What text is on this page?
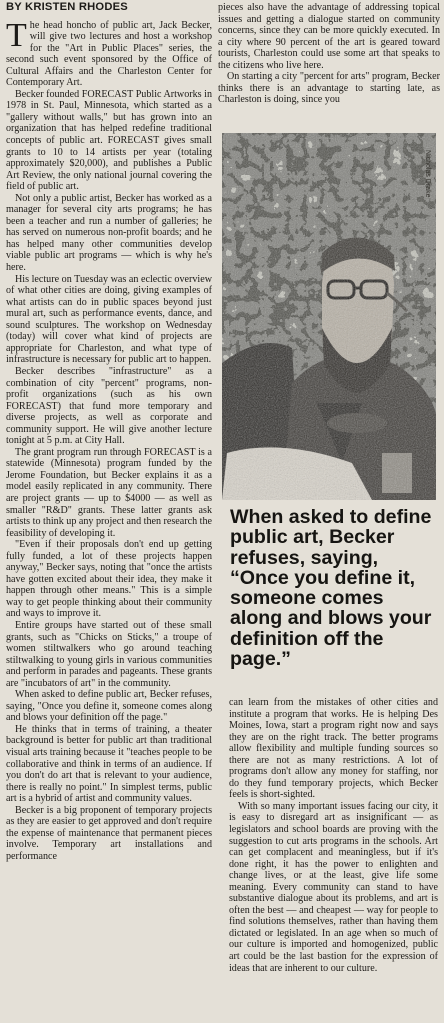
BY KRISTEN RHODES

The head honcho of public art, Jack Becker, will give two lectures and host a workshop for the "Art in Public Places" series, the second such event sponsored by the Office of Cultural Affairs and the Charleston Center for Contemporary Art.

Becker founded FORECAST Public Artworks in 1978 in St. Paul, Minnesota, which started as a "gallery without walls," but has grown into an organization that has helped redefine traditional concepts of public art. FORECAST gives small grants to 10 to 14 artists per year (totaling approximately $20,000), and publishes a Public Art Review, the only national journal covering the field of public art.

Not only a public artist, Becker has worked as a manager for several city arts programs; he has been a teacher and run a number of galleries; he has served on numerous non-profit boards; and he has helped many other communities develop viable public art programs — which is why he's here.

His lecture on Tuesday was an eclectic overview of what other cities are doing, giving examples of what artists can do in public spaces beyond just mural art, such as performance events, dance, and sound sculptures. The workshop on Wednesday (today) will cover what kind of projects are appropriate for Charleston, and what type of infrastructure is necessary for public art to happen.

Becker describes "infrastructure" as a combination of city "percent" programs, non-profit organizations (such as his own FORECAST) that fund more temporary and diverse projects, as well as corporate and community support. He will give another lecture tonight at 5 p.m. at City Hall.

The grant program run through FORECAST is a statewide (Minnesota) program funded by the Jerome Foundation, but Becker explains it as a model easily replicated in any community. There are project grants — up to $4000 — as well as smaller "R&D" grants. These latter grants ask artists to think up any project and then research the feasibility of developing it.

"Even if their proposals don't end up getting fully funded, a lot of these projects happen anyway," Becker says, noting that "once the artists have gotten excited about their idea, they make it happen through other means." This is a simple way to get people thinking about their community and ways to improve it.

Entire groups have started out of these small grants, such as "Chicks on Sticks," a troupe of women stiltwalkers who go around teaching stiltwalking to young girls in various communities and perform in parades and pageants. These grants are "incubators of art" in the community.

When asked to define public art, Becker refuses, saying, "Once you define it, someone comes along and blows your definition off the page."

He thinks that in terms of training, a theater background is better for public art than traditional visual arts training because it "teaches people to be collaborative and think in terms of an audience. If you don't do art that is relevant to your audience, there is really no point." In simplest terms, public art is a hybrid of artist and community values.

Becker is a big proponent of temporary projects as they are easier to get approved and don't require the expense of maintenance that permanent pieces involve. Temporary art installations and performance

pieces also have the advantage of addressing topical issues and getting a dialogue started on community concerns, since they can be more quickly executed. In a city where 90 percent of the art is geared toward tourists, Charleston could use some art that speaks to the citizens who live here.

On starting a city "percent for arts" program, Becker thinks there is an advantage to starting late, as Charleston is doing, since you

Nicholas Drake
When asked to define public art, Becker refuses, saying, “Once you define it, someone comes along and blows your definition off the page.”

can learn from the mistakes of other cities and institute a program that works. He is helping Des Moines, Iowa, start a program right now and says they are on the right track. The better programs allow flexibility and multiple funding sources so there are not as many restrictions. A lot of programs don't allow any money for staffing, nor do they fund temporary projects, which Becker feels is short-sighted.

With so many important issues facing our city, it is easy to disregard art as insignificant — as legislators and school boards are proving with the suggestion to cut arts programs in the schools. Art can get complacent and meaningless, but if it's done right, it has the power to enlighten and change lives, or at the least, give life some meaning. Every community can stand to have substantive dialogue about its problems, and art is often the best — and cheapest — way for people to find solutions themselves, rather than having them dictated or legislated. In an age when so much of our culture is imported and homogenized, public art could be the last bastion for the expression of ideas that are inherent to our culture.
